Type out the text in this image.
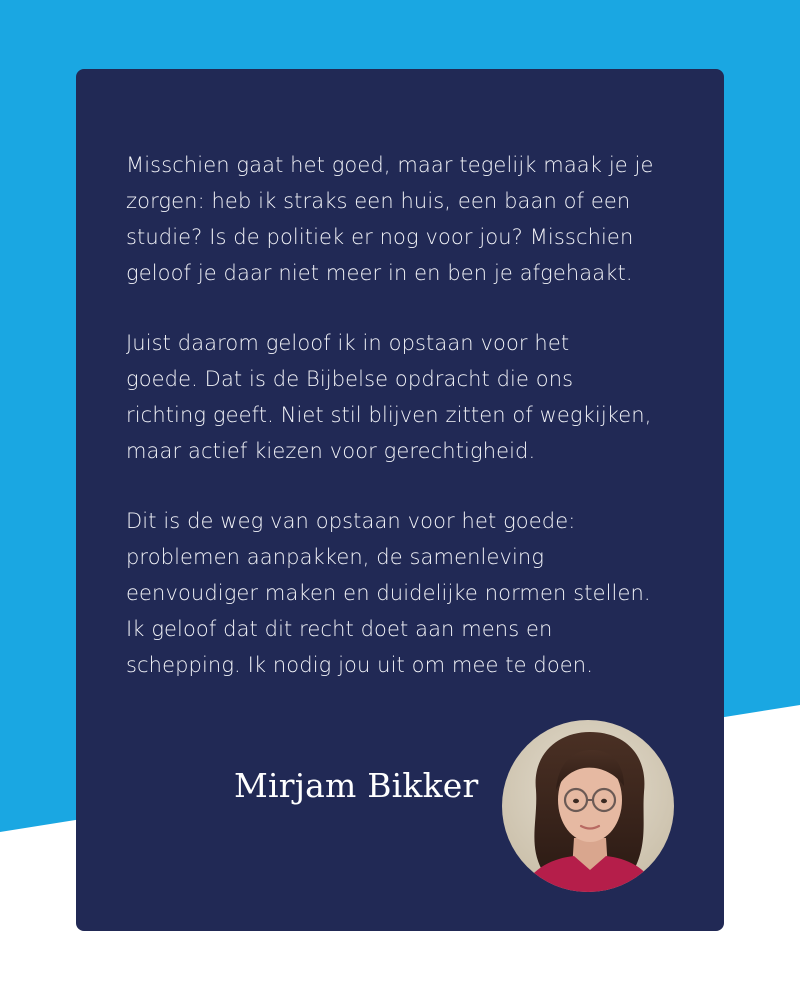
Misschien gaat het goed, maar tegelijk maak je je
zorgen: heb ik straks een huis, een baan of een
studie? Is de politiek er nog voor jou? Misschien
geloof je daar niet meer in en ben je afgehaakt.

Juist daarom geloof ik in opstaan voor het
goede. Dat is de Bijbelse opdracht die ons
richting geeft. Niet stil blijven zitten of wegkijken,
maar actief kiezen voor gerechtigheid.

Dit is de weg van opstaan voor het goede:
problemen aanpakken, de samenleving
eenvoudiger maken en duidelijke normen stellen.
Ik geloof dat dit recht doet aan mens en
schepping. Ik nodig jou uit om mee te doen.

Mirjam Bikker
